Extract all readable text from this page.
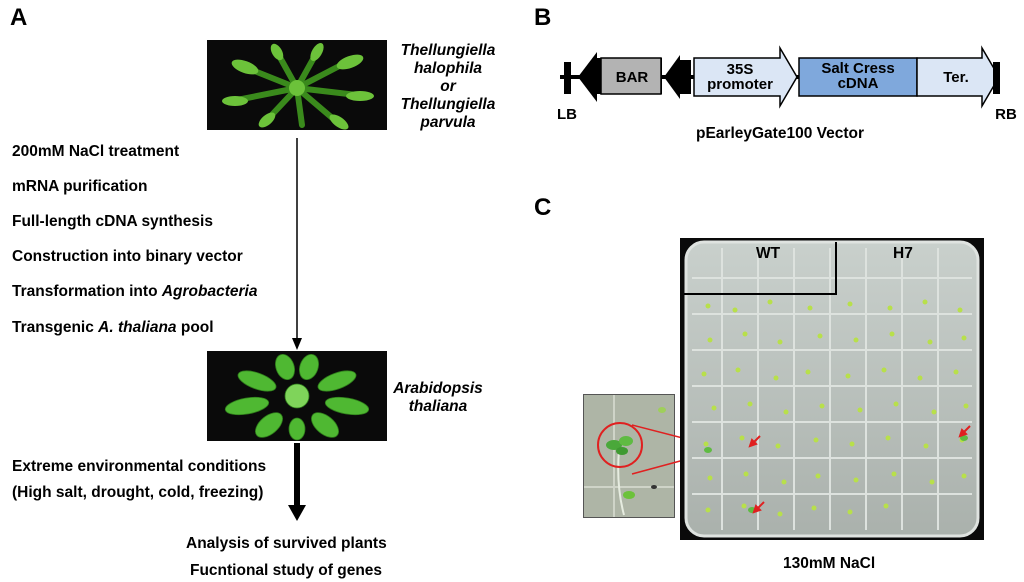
A
Thellungiella
halophila
or
Thellungiella
parvula
200mM NaCl treatment
mRNA purification
Full-length cDNA synthesis
Construction into binary vector
Transformation into Agrobacteria
Transgenic A. thaliana pool
Arabidopsis
thaliana
Extreme environmental conditions
(High salt, drought, cold, freezing)
Analysis of survived plants
Fucntional study of genes
B
BAR	35S
promoter
Salt Cress
cDNA	Ter.
LB	RB
pEarleyGate100 Vector
C
WT	H7
130mM NaCl
